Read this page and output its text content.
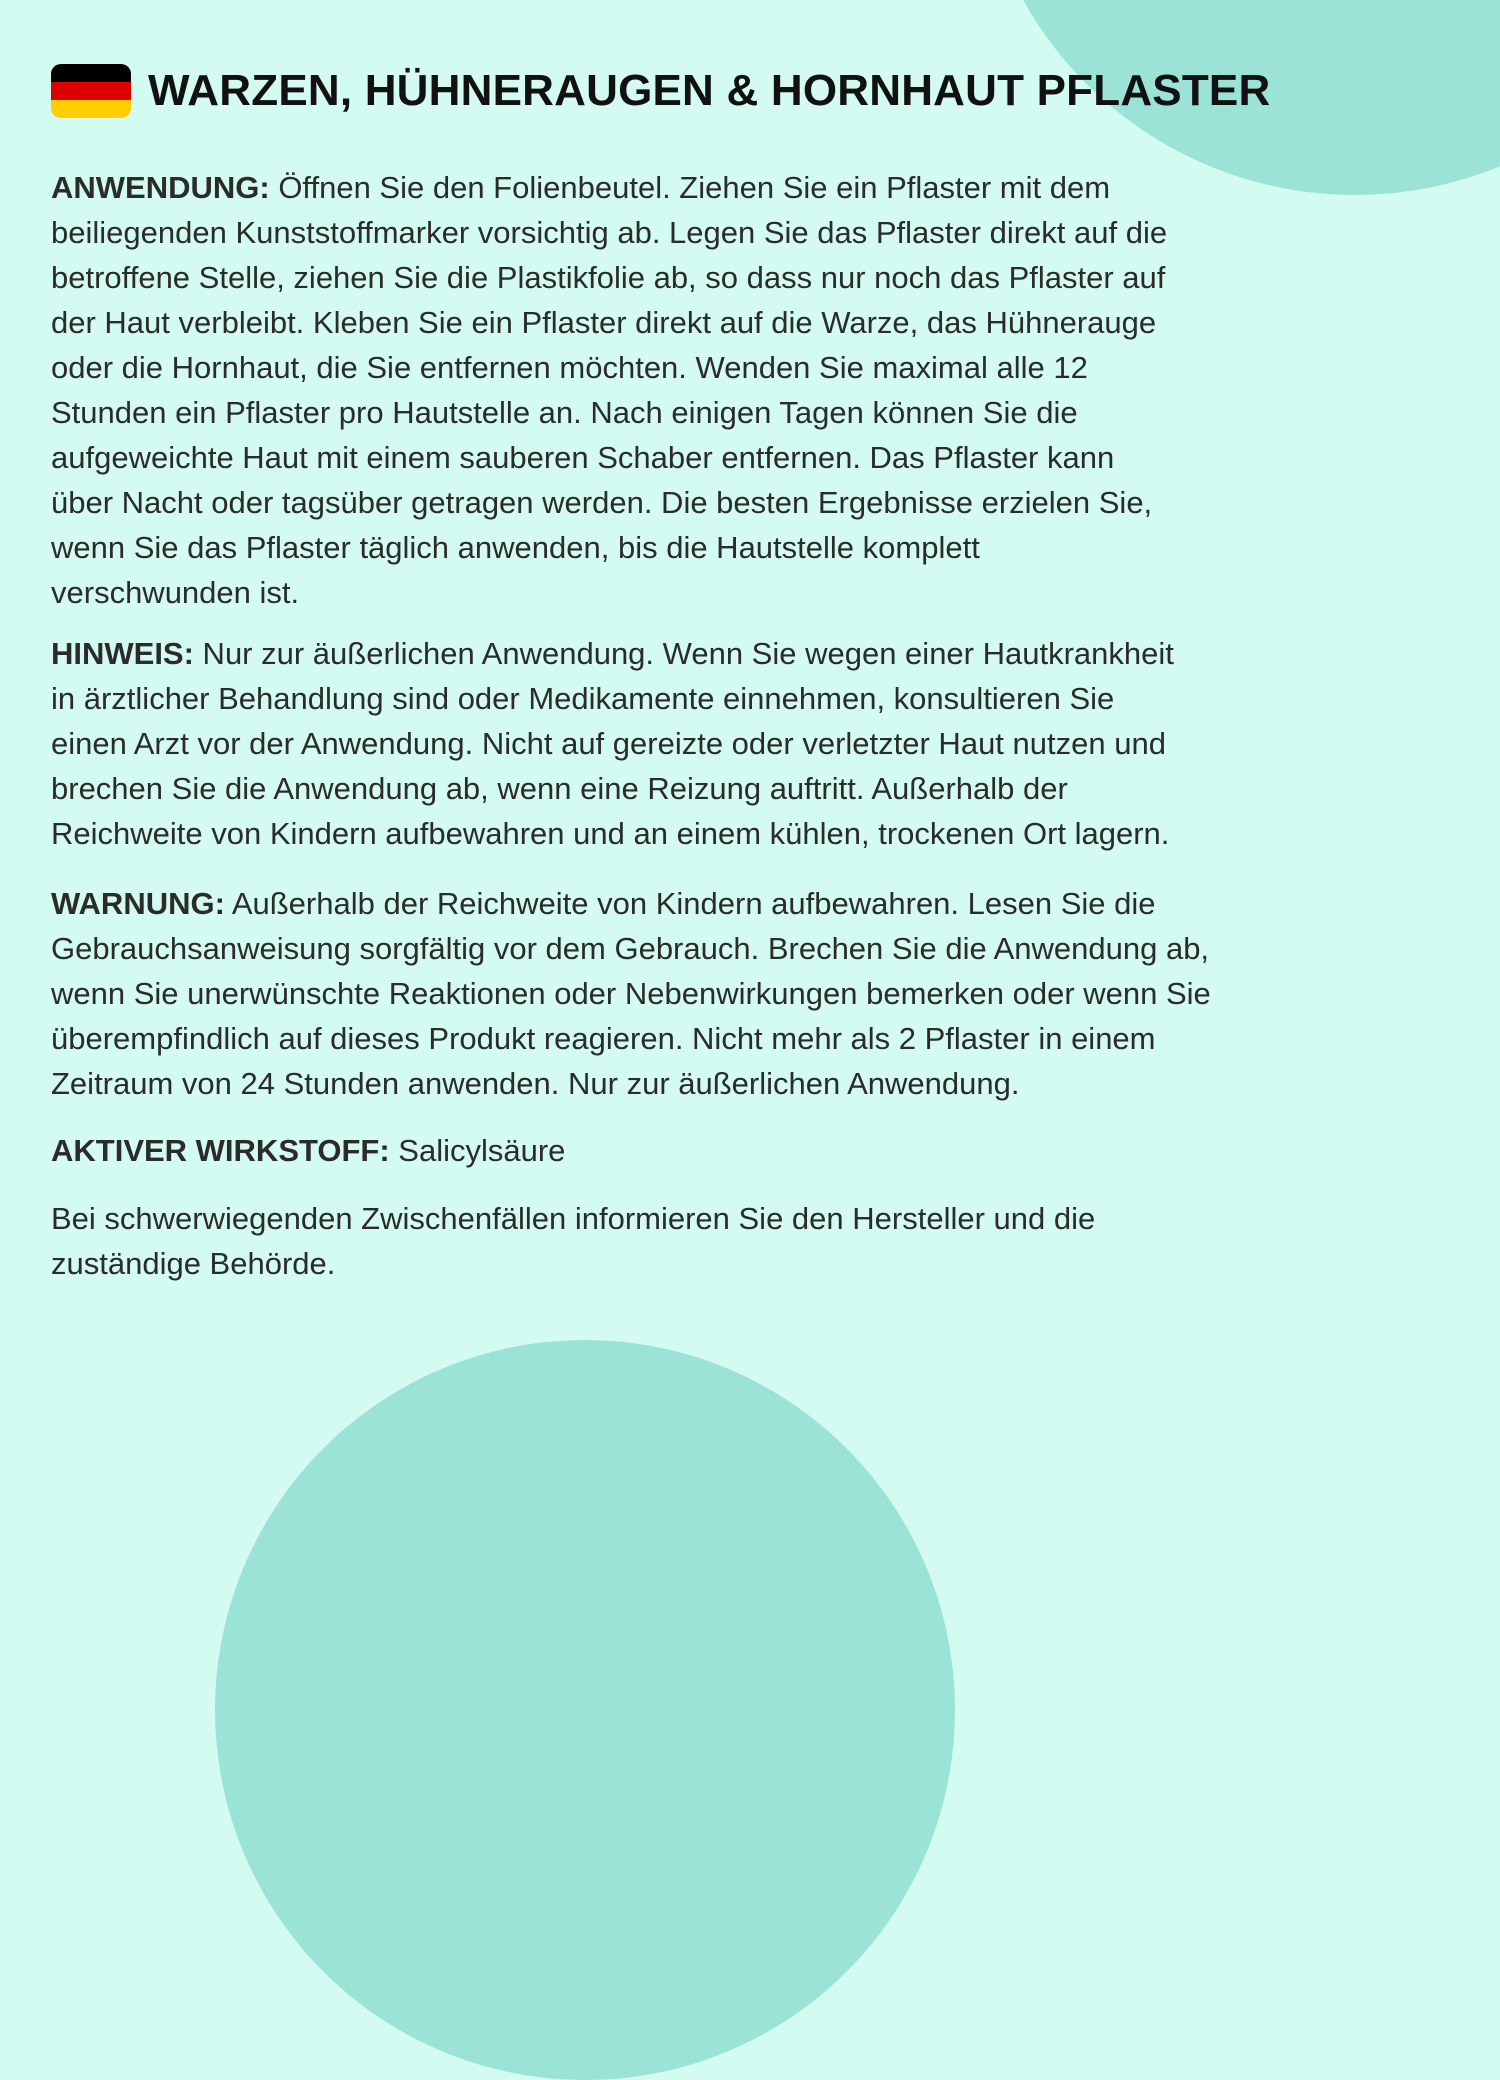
WARZEN, HÜHNERAUGEN & HORNHAUT PFLASTER

ANWENDUNG: Öffnen Sie den Folienbeutel. Ziehen Sie ein Pflaster mit dem
beiliegenden Kunststoffmarker vorsichtig ab. Legen Sie das Pflaster direkt auf die
betroffene Stelle, ziehen Sie die Plastikfolie ab, so dass nur noch das Pflaster auf
der Haut verbleibt. Kleben Sie ein Pflaster direkt auf die Warze, das Hühnerauge
oder die Hornhaut, die Sie entfernen möchten. Wenden Sie maximal alle 12
Stunden ein Pflaster pro Hautstelle an. Nach einigen Tagen können Sie die
aufgeweichte Haut mit einem sauberen Schaber entfernen. Das Pflaster kann
über Nacht oder tagsüber getragen werden. Die besten Ergebnisse erzielen Sie,
wenn Sie das Pflaster täglich anwenden, bis die Hautstelle komplett
verschwunden ist.

HINWEIS: Nur zur äußerlichen Anwendung. Wenn Sie wegen einer Hautkrankheit
in ärztlicher Behandlung sind oder Medikamente einnehmen, konsultieren Sie
einen Arzt vor der Anwendung. Nicht auf gereizte oder verletzter Haut nutzen und
brechen Sie die Anwendung ab, wenn eine Reizung auftritt. Außerhalb der
Reichweite von Kindern aufbewahren und an einem kühlen, trockenen Ort lagern.

WARNUNG: Außerhalb der Reichweite von Kindern aufbewahren. Lesen Sie die
Gebrauchsanweisung sorgfältig vor dem Gebrauch. Brechen Sie die Anwendung ab,
wenn Sie unerwünschte Reaktionen oder Nebenwirkungen bemerken oder wenn Sie
überempfindlich auf dieses Produkt reagieren. Nicht mehr als 2 Pflaster in einem
Zeitraum von 24 Stunden anwenden. Nur zur äußerlichen Anwendung.

AKTIVER WIRKSTOFF: Salicylsäure

Bei schwerwiegenden Zwischenfällen informieren Sie den Hersteller und die
zuständige Behörde.
